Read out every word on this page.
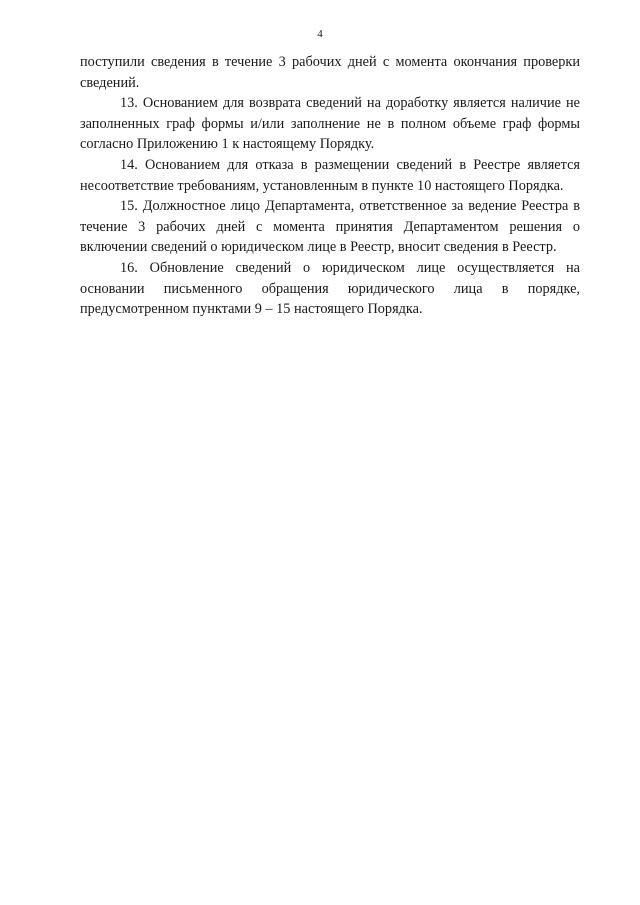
4

поступили сведения в течение 3 рабочих дней с момента окончания проверки сведений.

13. Основанием для возврата сведений на доработку является наличие не заполненных граф формы и/или заполнение не в полном объеме граф формы согласно Приложению 1 к настоящему Порядку.

14. Основанием для отказа в размещении сведений в Реестре является несоответствие требованиям, установленным в пункте 10 настоящего Порядка.

15. Должностное лицо Департамента, ответственное за ведение Реестра в течение 3 рабочих дней с момента принятия Департаментом решения о включении сведений о юридическом лице в Реестр, вносит сведения в Реестр.

16. Обновление сведений о юридическом лице осуществляется на основании письменного обращения юридического лица в порядке, предусмотренном пунктами 9 – 15 настоящего Порядка.
